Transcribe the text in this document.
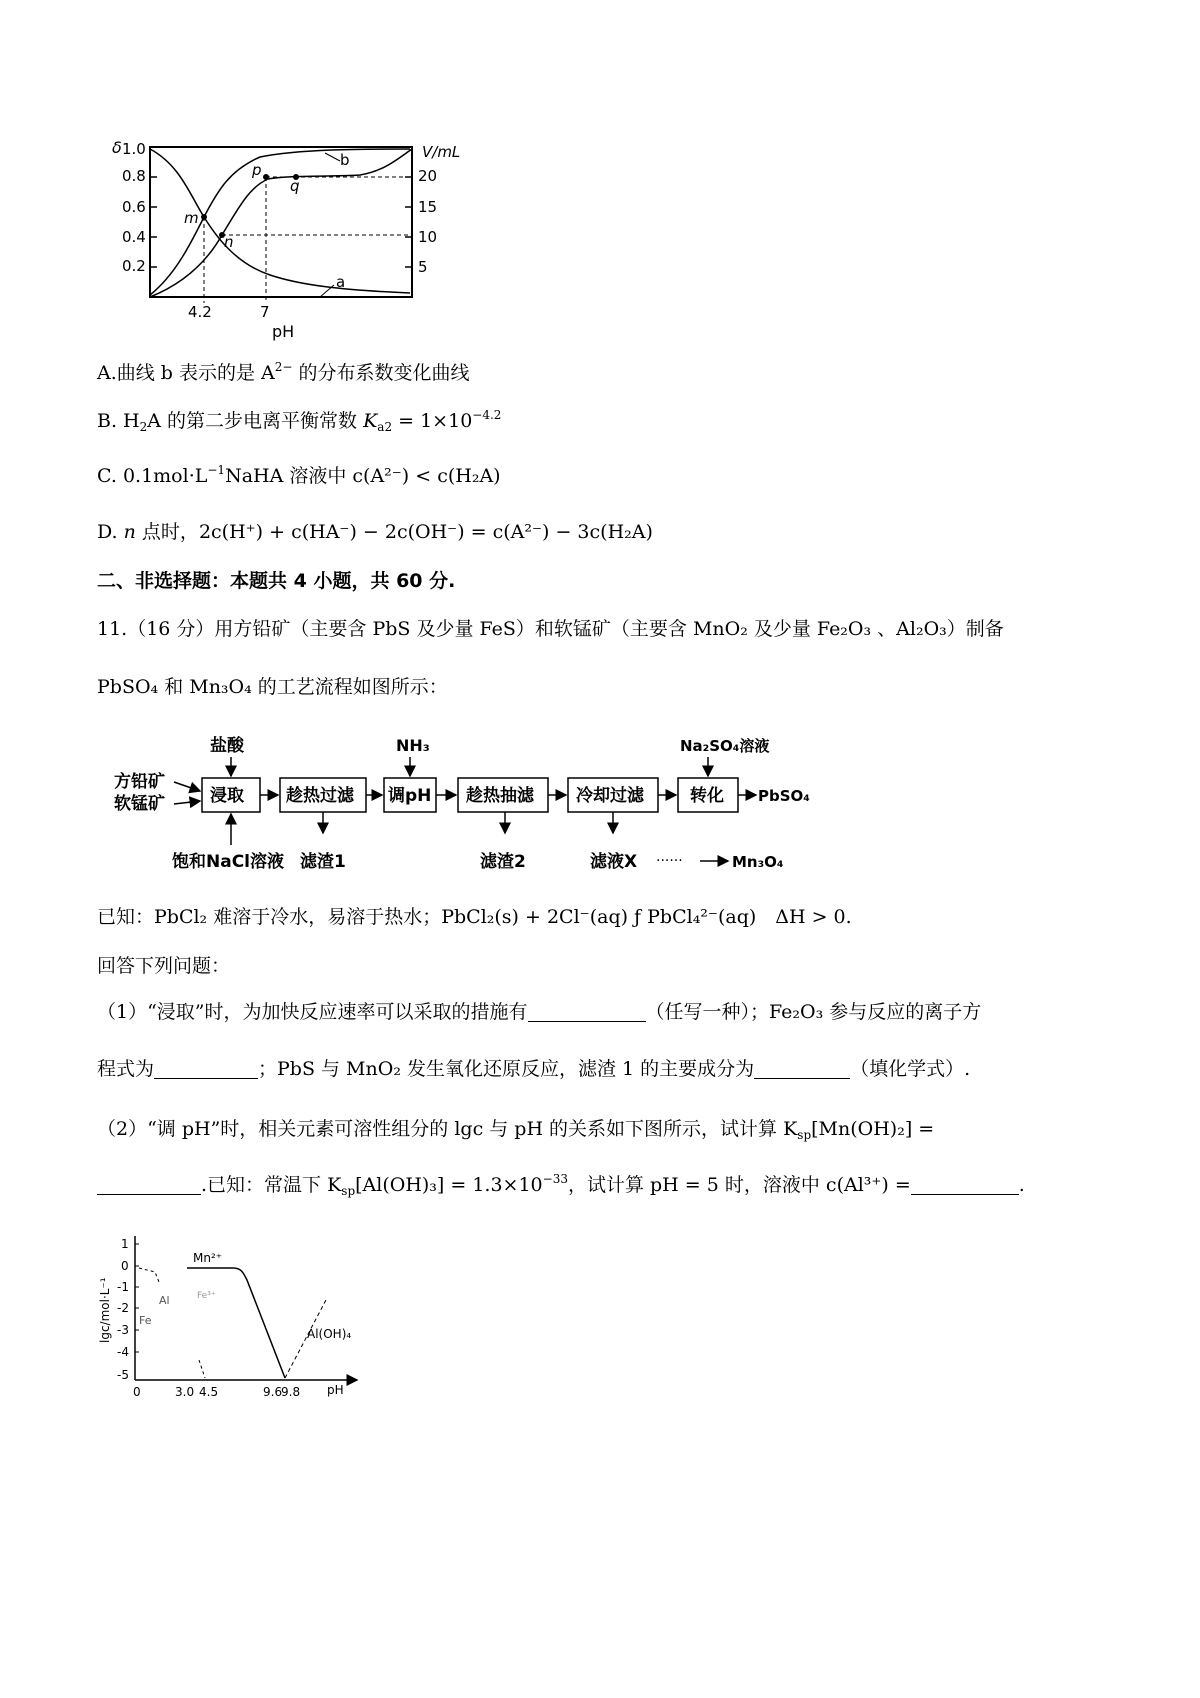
δ 1.0
0.8
0.6
0.4
0.2
V/mL
20
15
10
5
m
n
p
q
b
a
4.2	7
pH
A.曲线 b 表示的是 $A^{2-}$ 的分布系数变化曲线
B. $H_2A$ 的第二步电离平衡常数 $K_{a2} = 1\times 10^{-4.2}$
C. $0.1mol\cdot L^{-1}NaHA$ 溶液中 c(A²⁻) < c(H₂A)
D. n 点时，2c(H⁺) + c(HA⁻) − 2c(OH⁻) = c(A²⁻) − 3c(H₂A)
二、非选择题：本题共 4 小题，共 60 分.
11.（16 分）用方铅矿（主要含 PbS 及少量 FeS）和软锰矿（主要含 MnO₂ 及少量 Fe₂O₃ 、Al₂O₃）制备
PbSO₄ 和 Mn₃O₄ 的工艺流程如图所示：
方铅矿
软锰矿	浸取
盐酸
饱和NaCl溶液
趁热过滤
滤渣1
调pH
NH₃
趁热抽滤
滤渣2
冷却过滤
滤液X ······	Mn₃O₄
转化
Na₂SO₄溶液
PbSO₄
已知：PbCl₂ 难溶于冷水，易溶于热水；PbCl₂(s) + 2Cl⁻(aq) ƒ PbCl₄²⁻(aq)　ΔH > 0.
回答下列问题：
（1）“浸取”时，为加快反应速率可以采取的措施有	（任写一种）；Fe₂O₃ 参与反应的离子方
程式为	；PbS 与 MnO₂ 发生氧化还原反应，滤渣 1 的主要成分为	（填化学式）.
（2）“调 pH”时，相关元素可溶性组分的 lgc 与 pH 的关系如下图所示，试计算 $K_{sp}[Mn(OH)_2]$ =
.已知：常温下 $K_{sp}[Al(OH)_3] = 1.3\times 10^{-33}$，试计算 pH = 5 时，溶液中 c(Al³⁺) =	.
lgc/mol·L⁻¹
1
0
-1
-2
-3
-4
-5
0	3.0 4.5	9.6
9.8 pH
Mn²⁺
Al(OH)₄
Al
Fe
Fe³⁺
